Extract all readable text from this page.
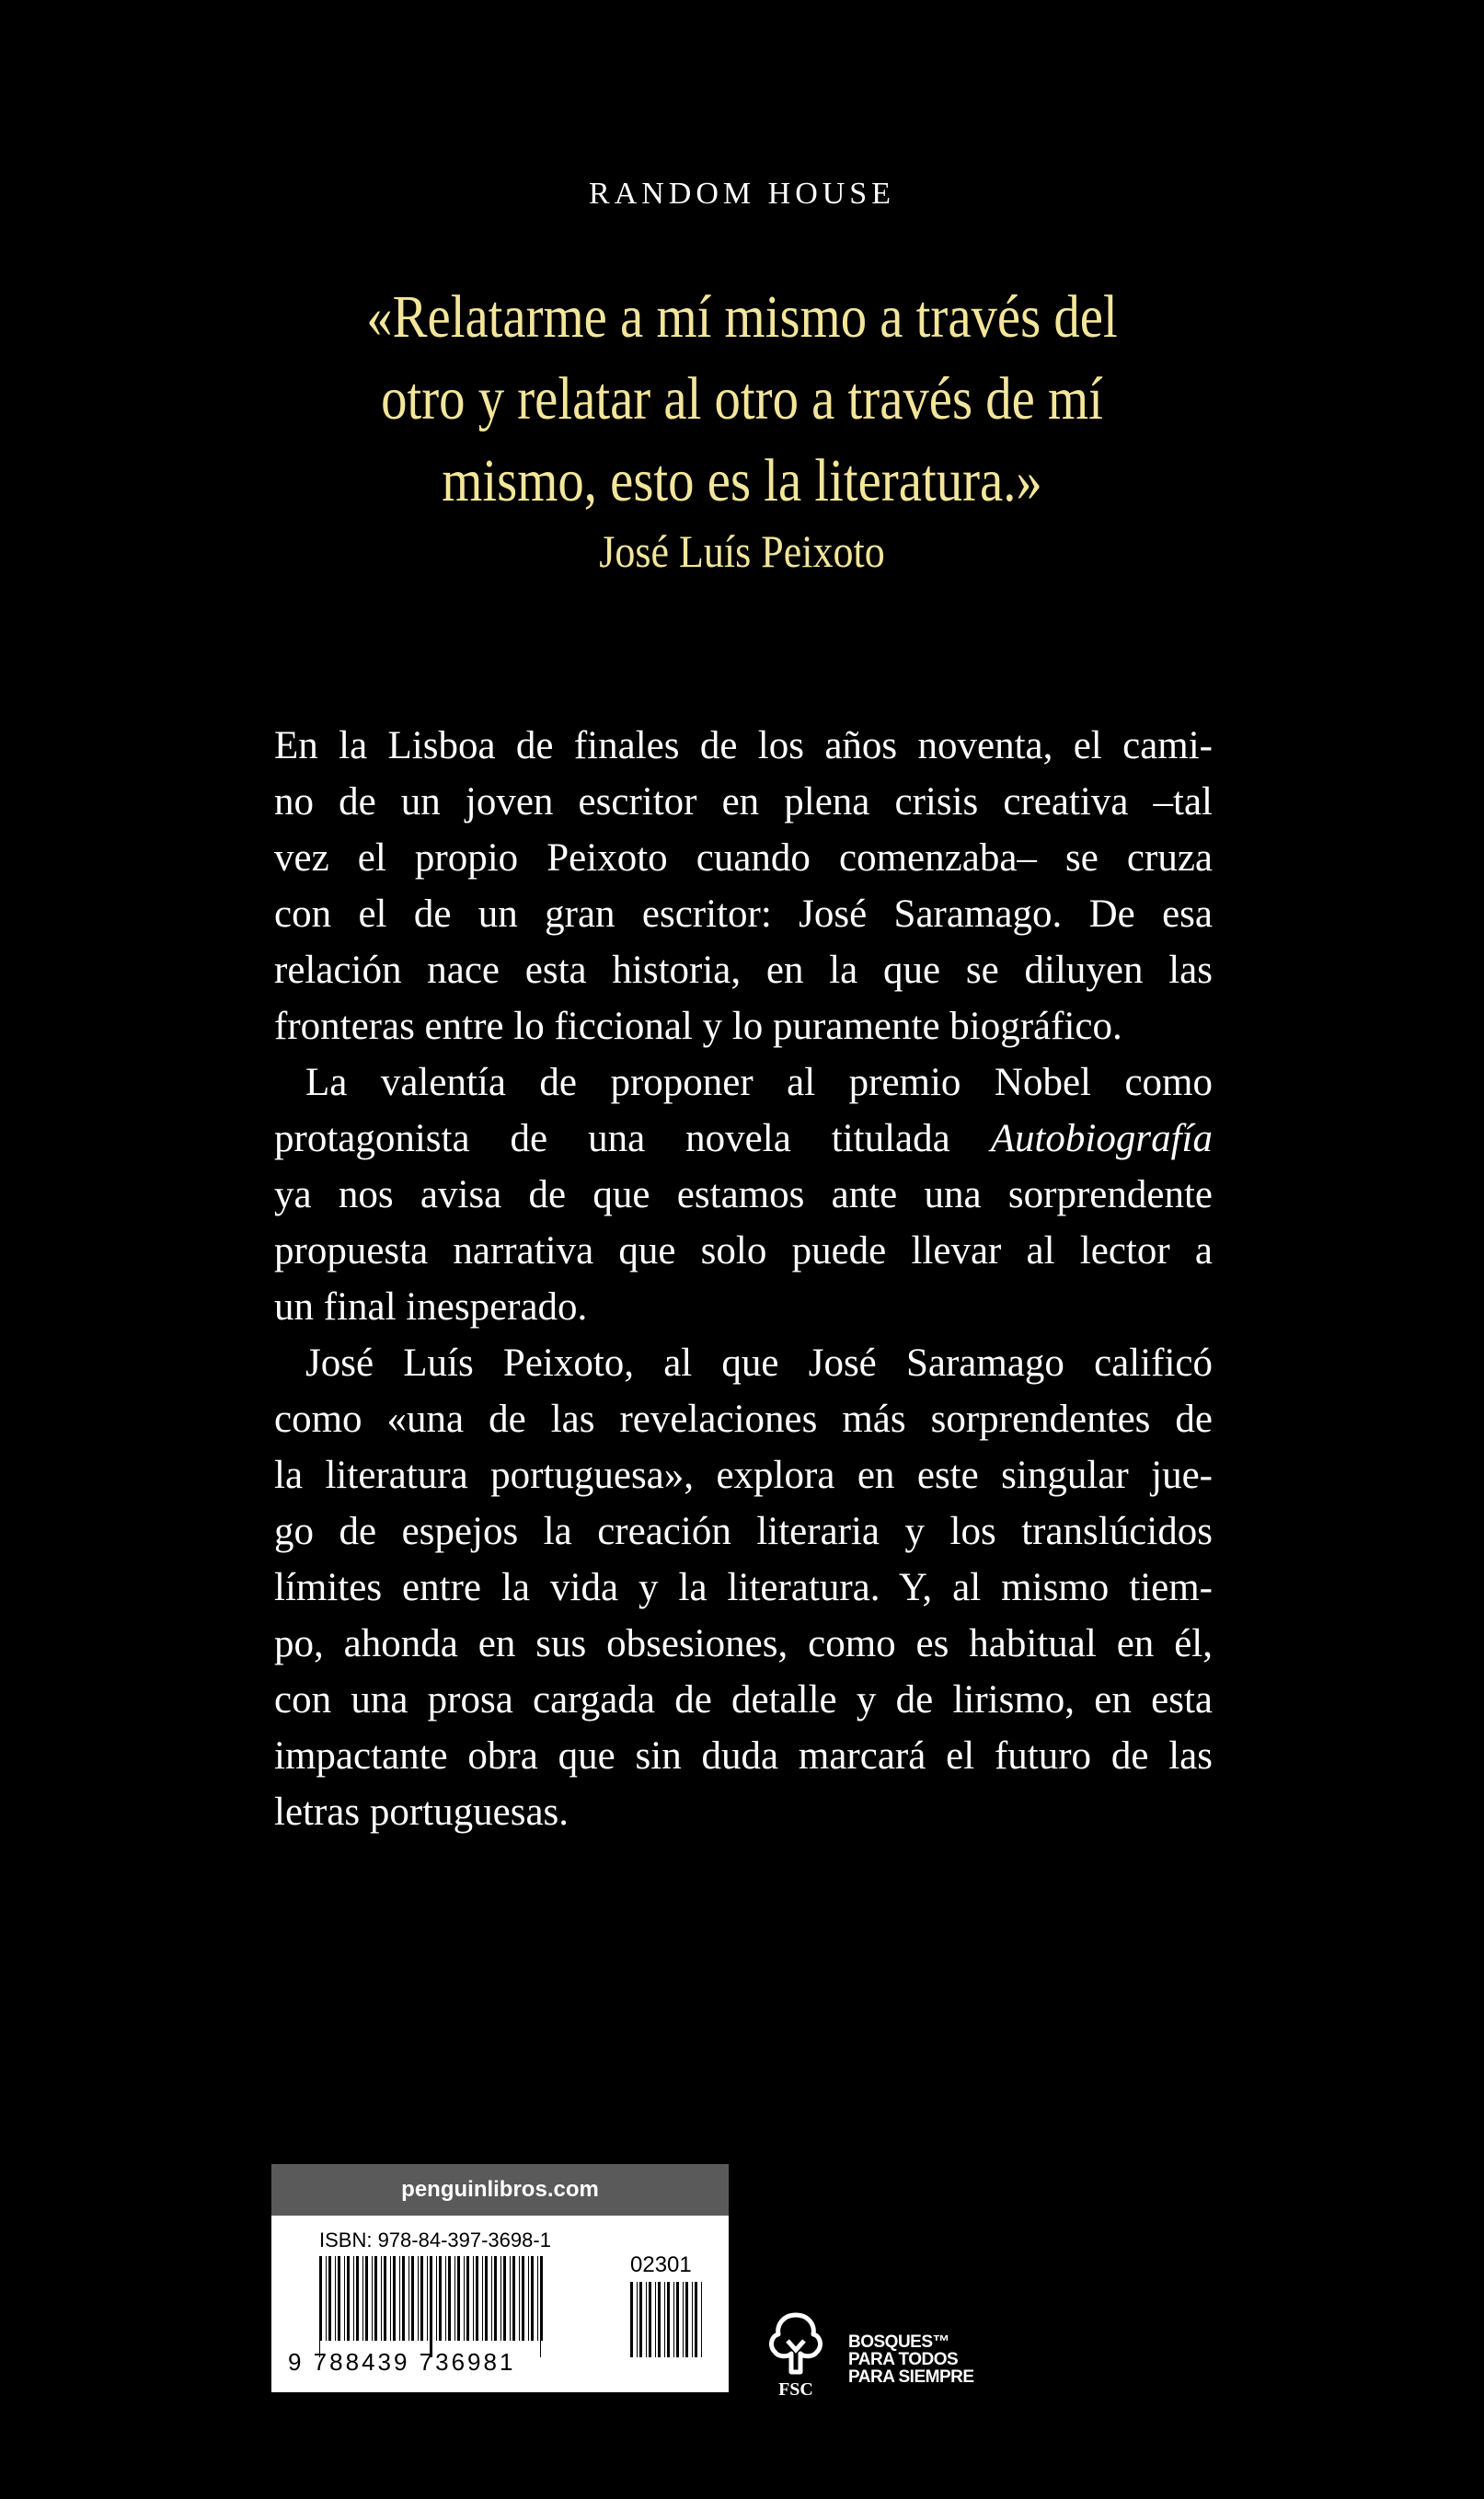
RANDOM HOUSE
«Relatarme a mí mismo a través del
otro y relatar al otro a través de mí
mismo, esto es la literatura.»
José Luís Peixoto
En la Lisboa de finales de los años noventa, el cami-
no de un joven escritor en plena crisis creativa –tal
vez el propio Peixoto cuando comenzaba– se cruza
con el de un gran escritor: José Saramago. De esa
relación nace esta historia, en la que se diluyen las
fronteras entre lo ficcional y lo puramente biográfico.
La valentía de proponer al premio Nobel como
protagonista de una novela titulada Autobiografía
ya nos avisa de que estamos ante una sorprendente
propuesta narrativa que solo puede llevar al lector a
un final inesperado.
José Luís Peixoto, al que José Saramago calificó
como «una de las revelaciones más sorprendentes de
la literatura portuguesa», explora en este singular jue-
go de espejos la creación literaria y los translúcidos
límites entre la vida y la literatura. Y, al mismo tiem-
po, ahonda en sus obsesiones, como es habitual en él,
con una prosa cargada de detalle y de lirismo, en esta
impactante obra que sin duda marcará el futuro de las
letras portuguesas.
penguinlibros.com
ISBN: 978-84-397-3698-1
02301
9 788439 736981
FSC
BOSQUES™
PARA TODOS
PARA SIEMPRE
